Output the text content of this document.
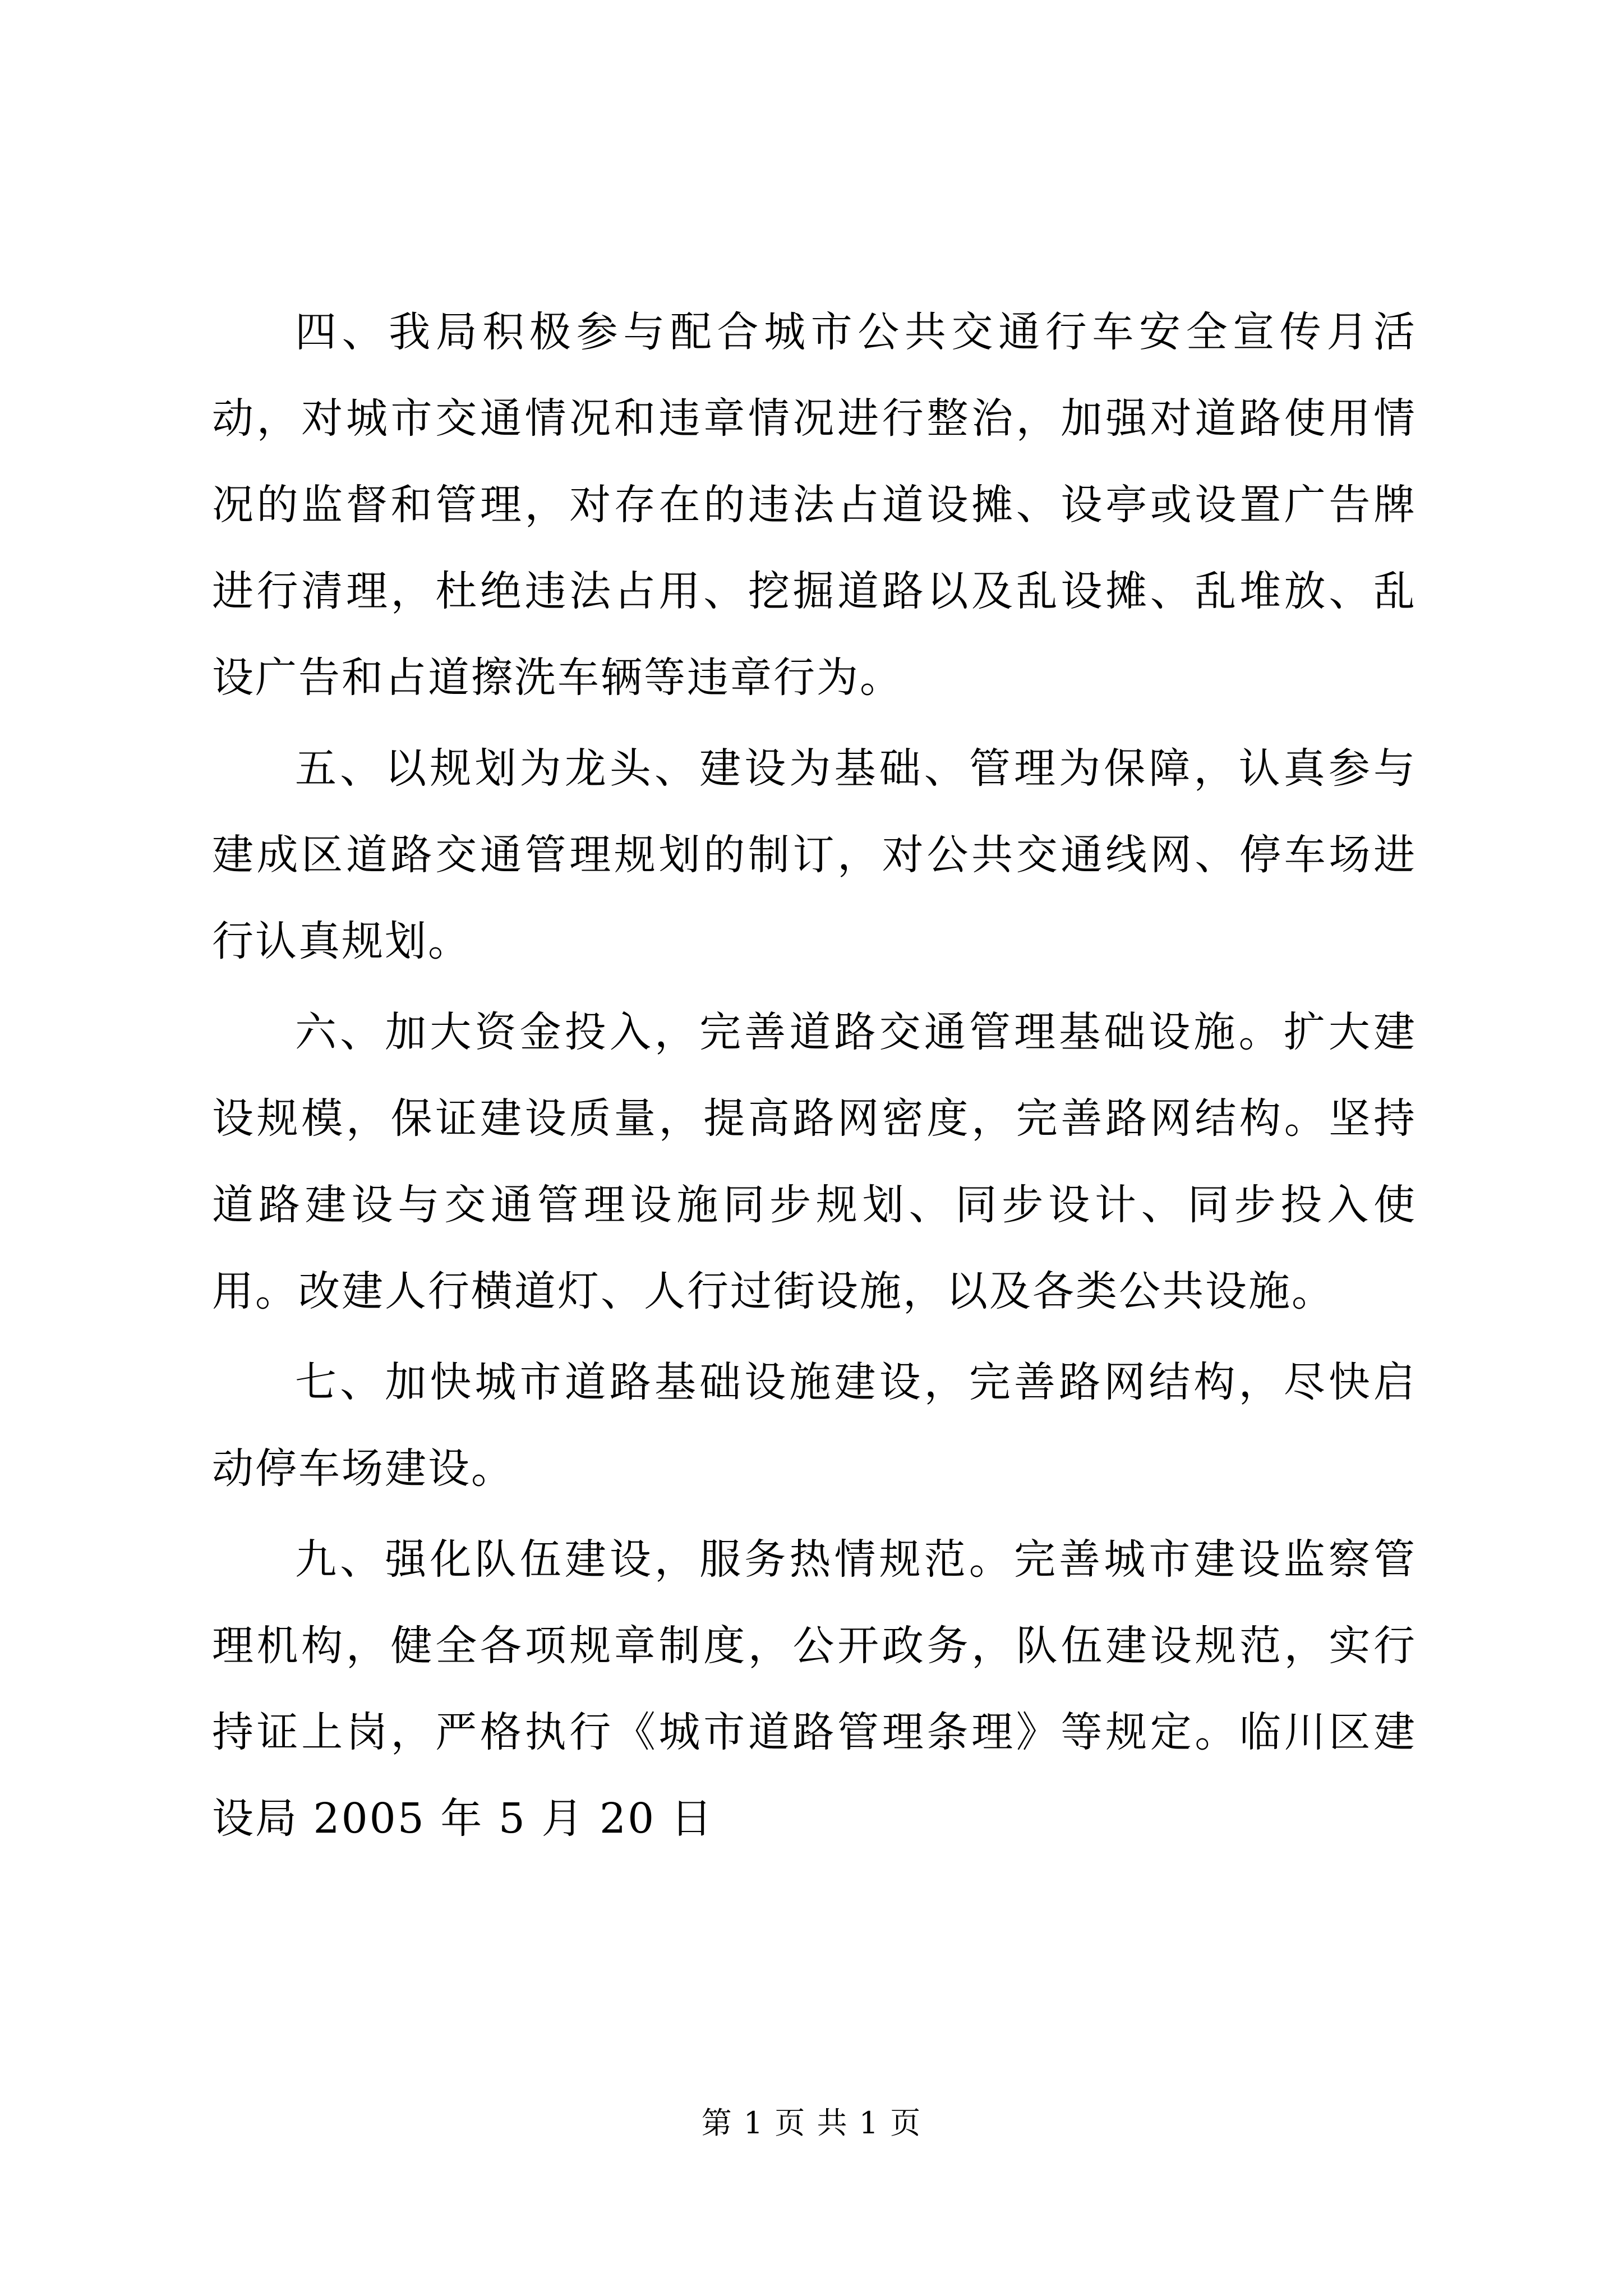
四、我局积极参与配合城市公共交通行车安全宣传月活动，对城市交通情况和违章情况进行整治，加强对道路使用情况的监督和管理，对存在的违法占道设摊、设亭或设置广告牌进行清理，杜绝违法占用、挖掘道路以及乱设摊、乱堆放、乱设广告和占道擦洗车辆等违章行为。

五、以规划为龙头、建设为基础、管理为保障，认真参与建成区道路交通管理规划的制订，对公共交通线网、停车场进行认真规划。

六、加大资金投入，完善道路交通管理基础设施。扩大建设规模，保证建设质量，提高路网密度，完善路网结构。坚持道路建设与交通管理设施同步规划、同步设计、同步投入使用。改建人行横道灯、人行过街设施，以及各类公共设施。

七、加快城市道路基础设施建设，完善路网结构，尽快启动停车场建设。

九、强化队伍建设，服务热情规范。完善城市建设监察管理机构，健全各项规章制度，公开政务，队伍建设规范，实行持证上岗，严格执行《城市道路管理条理》等规定。临川区建设局 2005 年 5 月 20 日

第 1 页 共 1 页
